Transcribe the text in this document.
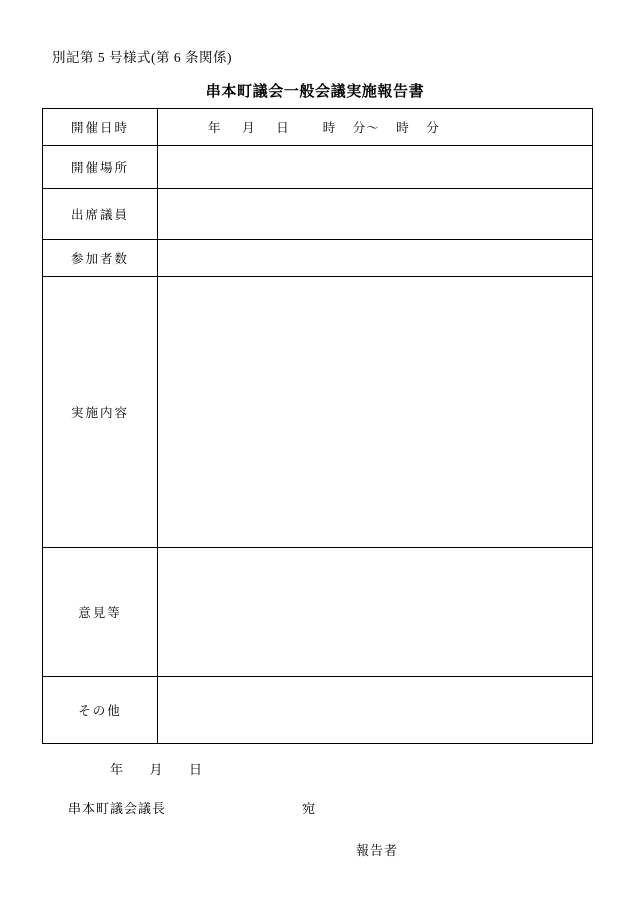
別記第 5 号様式(第 6 条関係)
串本町議会一般会議実施報告書
開催日時	年     月     日        時    分～    時    分

開催場所	
出席議員	
参加者数	
実施内容	
意見等	
その他	
年      月      日
串本町議会議長	宛
報告者
